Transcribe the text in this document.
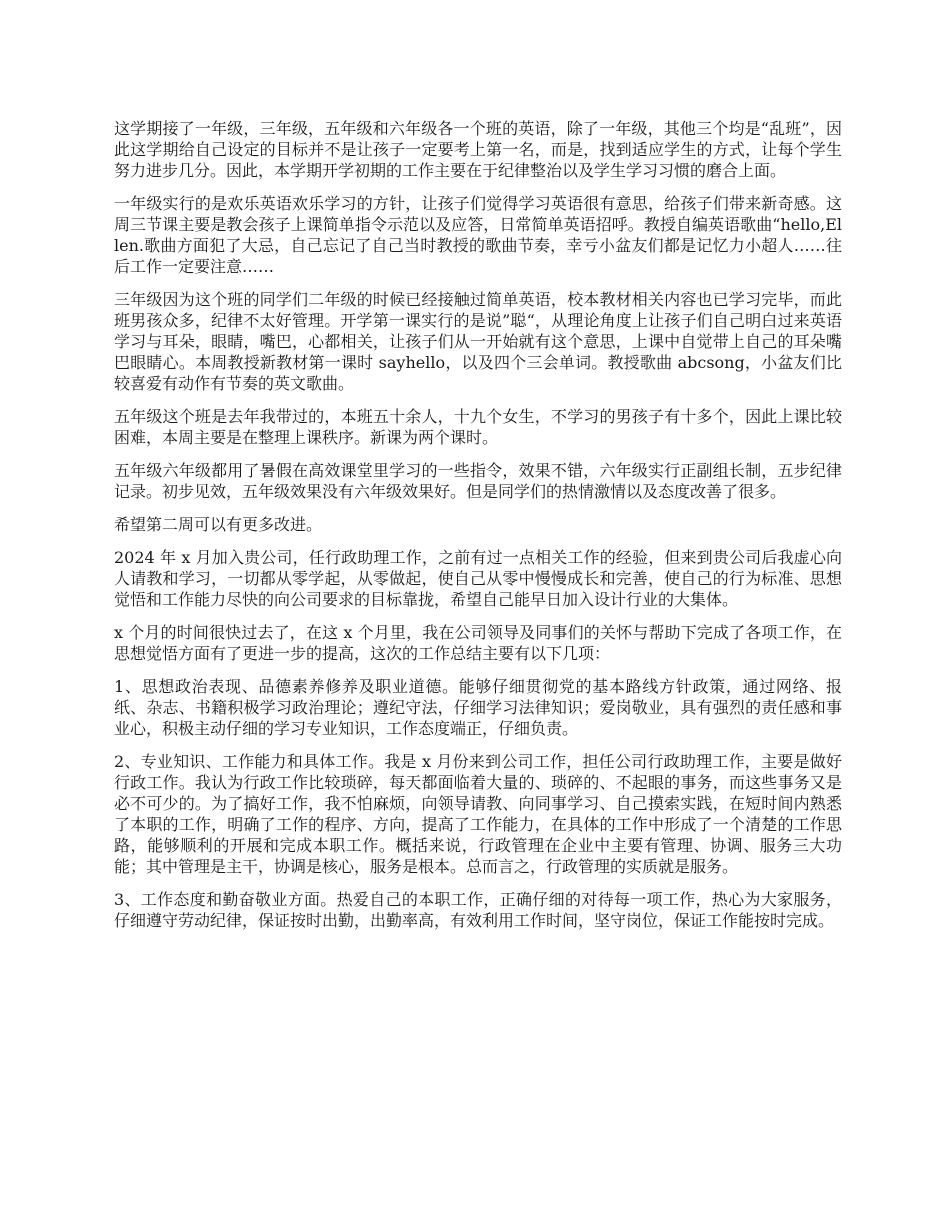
这学期接了一年级，三年级，五年级和六年级各一个班的英语，除了一年级，其他三个均是“乱班”，因此这学期给自己设定的目标并不是让孩子一定要考上第一名，而是，找到适应学生的方式，让每个学生努力进步几分。因此，本学期开学初期的工作主要在于纪律整治以及学生学习习惯的磨合上面。

一年级实行的是欢乐英语欢乐学习的方针，让孩子们觉得学习英语很有意思，给孩子们带来新奇感。这周三节课主要是教会孩子上课简单指令示范以及应答，日常简单英语招呼。教授自编英语歌曲“hello,Ellen.歌曲方面犯了大忌，自己忘记了自己当时教授的歌曲节奏，幸亏小盆友们都是记忆力小超人……往后工作一定要注意……

三年级因为这个班的同学们二年级的时候已经接触过简单英语，校本教材相关内容也已学习完毕，而此班男孩众多，纪律不太好管理。开学第一课实行的是说”聪“，从理论角度上让孩子们自己明白过来英语学习与耳朵，眼睛，嘴巴，心都相关，让孩子们从一开始就有这个意思，上课中自觉带上自己的耳朵嘴巴眼睛心。本周教授新教材第一课时 sayhello，以及四个三会单词。教授歌曲 abcsong，小盆友们比较喜爱有动作有节奏的英文歌曲。

五年级这个班是去年我带过的，本班五十余人，十九个女生，不学习的男孩子有十多个，因此上课比较困难，本周主要是在整理上课秩序。新课为两个课时。

五年级六年级都用了暑假在高效课堂里学习的一些指令，效果不错，六年级实行正副组长制，五步纪律记录。初步见效，五年级效果没有六年级效果好。但是同学们的热情激情以及态度改善了很多。

希望第二周可以有更多改进。

2024 年 x 月加入贵公司，任行政助理工作，之前有过一点相关工作的经验，但来到贵公司后我虚心向人请教和学习，一切都从零学起，从零做起，使自己从零中慢慢成长和完善，使自己的行为标准、思想觉悟和工作能力尽快的向公司要求的目标靠拢，希望自己能早日加入设计行业的大集体。

x 个月的时间很快过去了，在这 x 个月里，我在公司领导及同事们的关怀与帮助下完成了各项工作，在思想觉悟方面有了更进一步的提高，这次的工作总结主要有以下几项：

1、思想政治表现、品德素养修养及职业道德。能够仔细贯彻党的基本路线方针政策，通过网络、报纸、杂志、书籍积极学习政治理论；遵纪守法，仔细学习法律知识；爱岗敬业，具有强烈的责任感和事业心，积极主动仔细的学习专业知识，工作态度端正，仔细负责。

2、专业知识、工作能力和具体工作。我是 x 月份来到公司工作，担任公司行政助理工作，主要是做好行政工作。我认为行政工作比较琐碎，每天都面临着大量的、琐碎的、不起眼的事务，而这些事务又是必不可少的。为了搞好工作，我不怕麻烦，向领导请教、向同事学习、自己摸索实践，在短时间内熟悉了本职的工作，明确了工作的程序、方向，提高了工作能力，在具体的工作中形成了一个清楚的工作思路，能够顺利的开展和完成本职工作。概括来说，行政管理在企业中主要有管理、协调、服务三大功能；其中管理是主干，协调是核心，服务是根本。总而言之，行政管理的实质就是服务。

3、工作态度和勤奋敬业方面。热爱自己的本职工作，正确仔细的对待每一项工作，热心为大家服务，仔细遵守劳动纪律，保证按时出勤，出勤率高，有效利用工作时间，坚守岗位，保证工作能按时完成。
